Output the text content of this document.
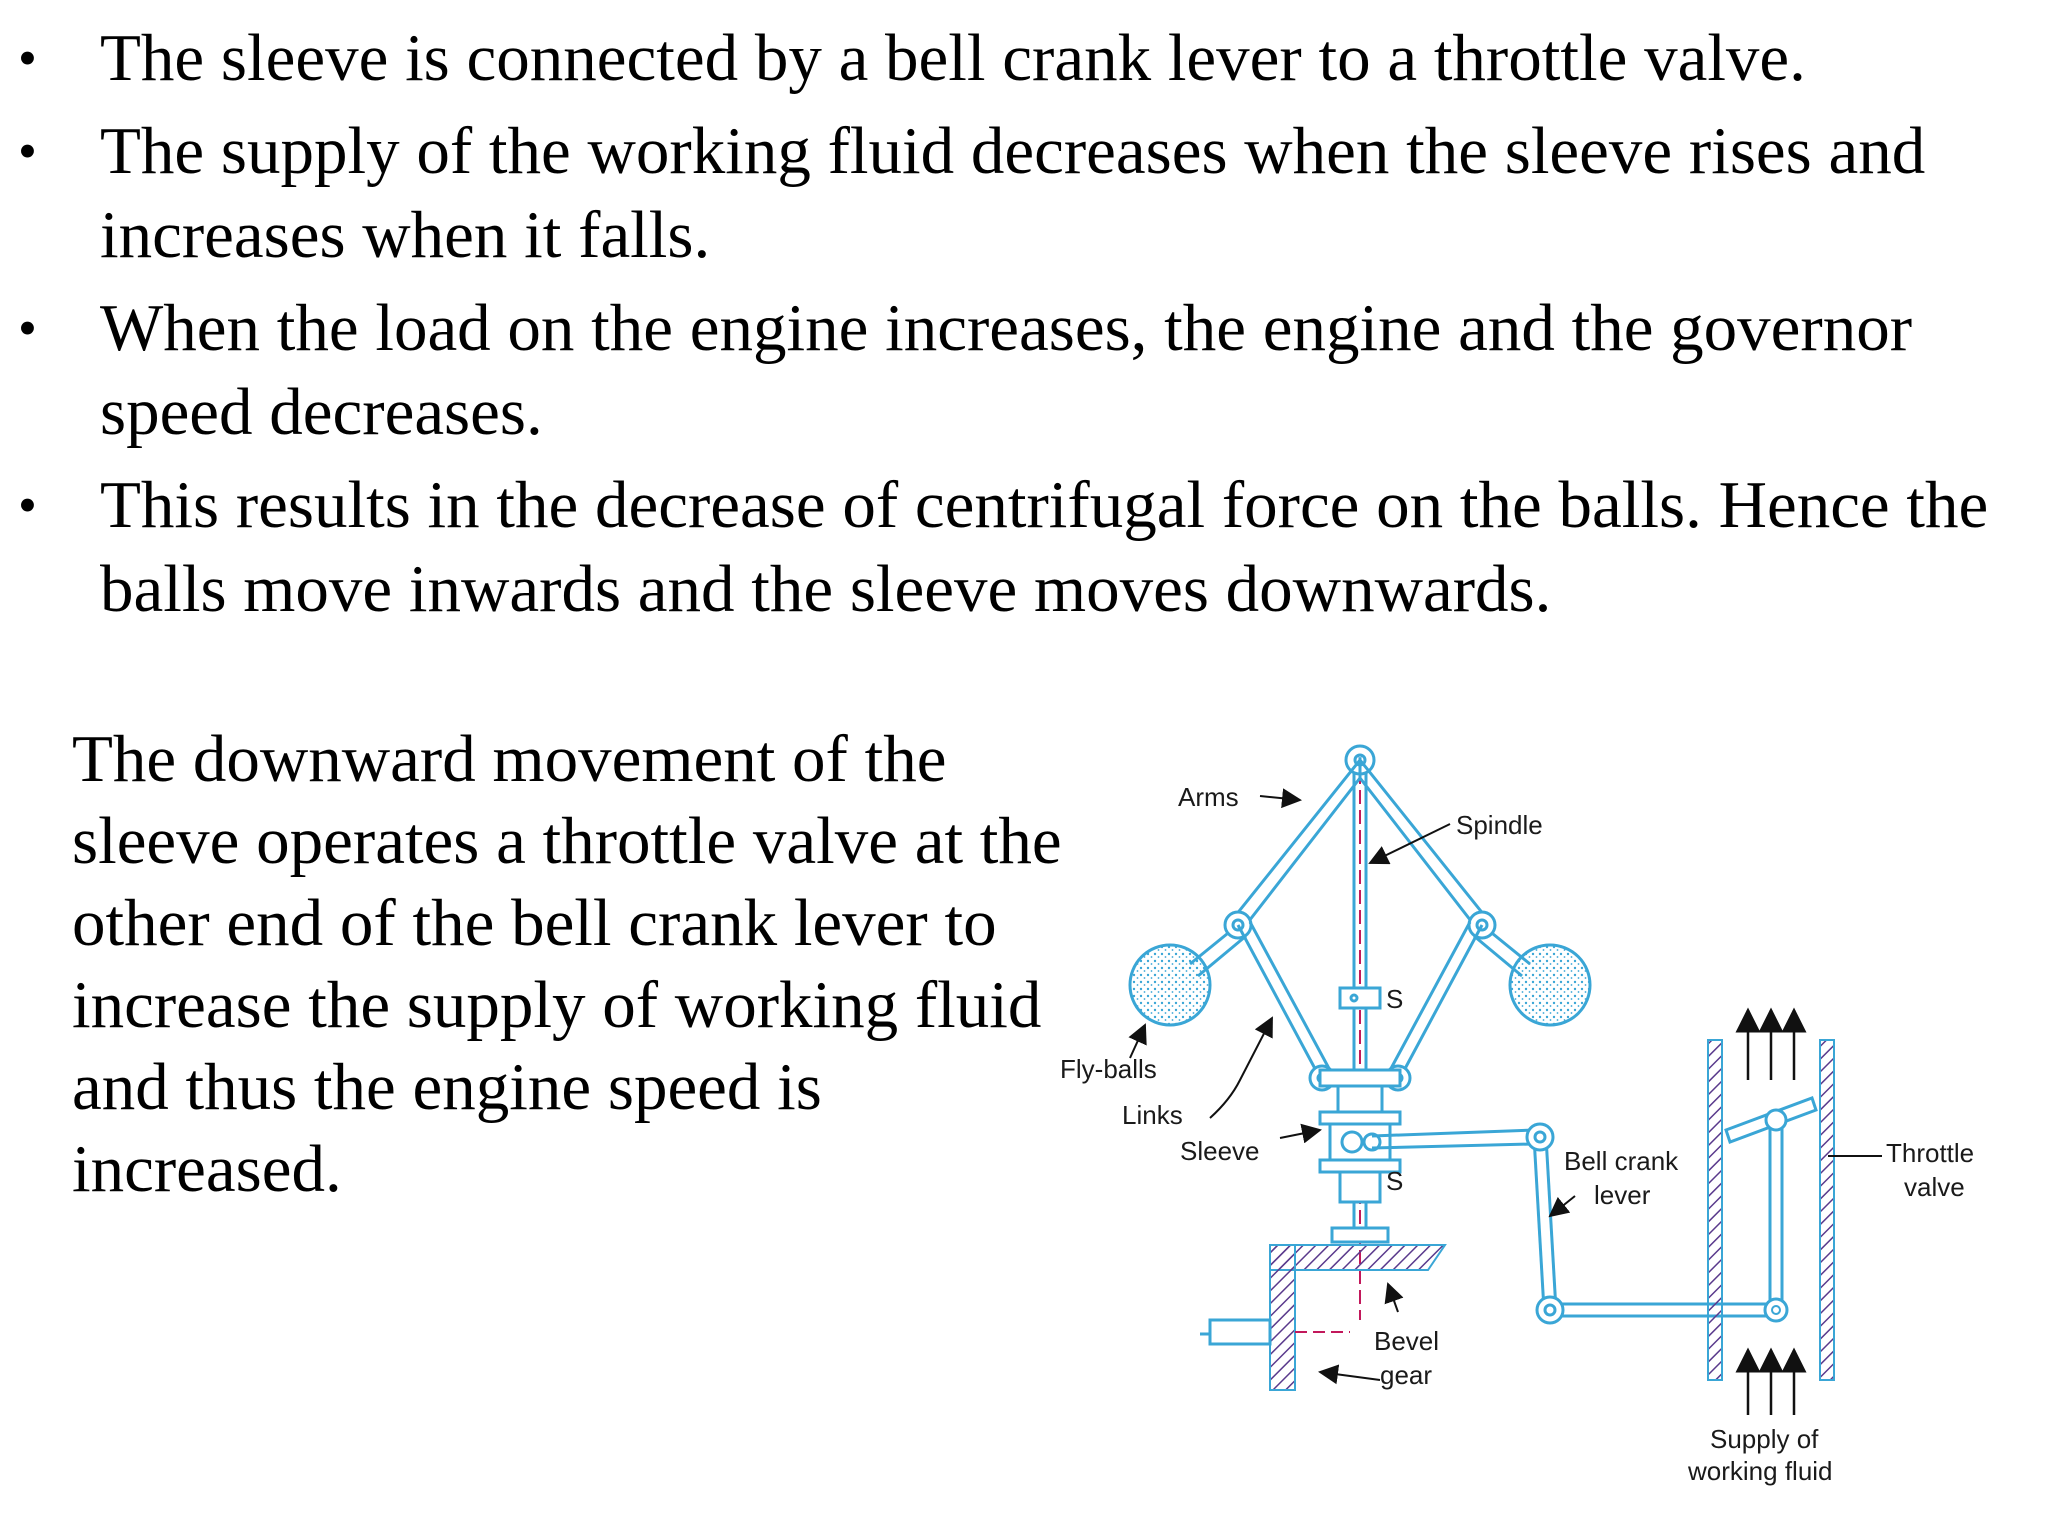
• The sleeve is connected by a bell crank lever to a throttle valve.
• The supply of the working fluid decreases when the sleeve rises and increases when it falls.
• When the load on the engine increases, the engine and the governor speed decreases.
• This results in the decrease of centrifugal force on the balls. Hence the balls move inwards and the sleeve moves downwards.

The downward movement of the sleeve operates a throttle valve at the other end of the bell crank lever to increase the supply of working fluid and thus the engine speed is increased.

Arms
Spindle
Fly-balls
Links
Sleeve
S
S
Bell crank
lever
Throttle
valve
Bevel
gear
Supply of
working fluid
